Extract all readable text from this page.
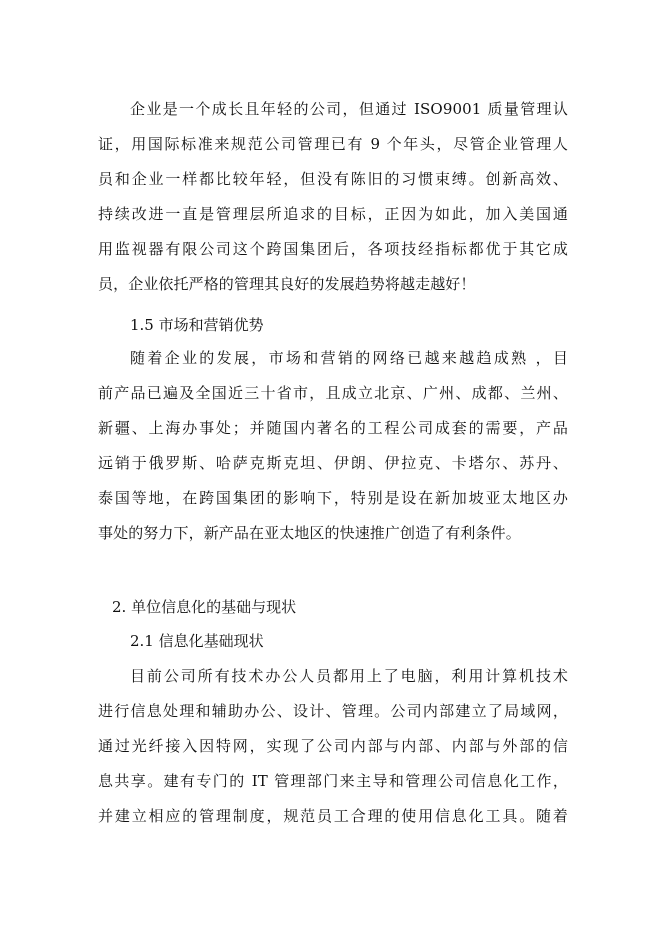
企业是一个成长且年轻的公司，但通过 ISO9001 质量管理认
证，用国际标准来规范公司管理已有 9 个年头，尽管企业管理人
员和企业一样都比较年轻，但没有陈旧的习惯束缚。创新高效、
持续改进一直是管理层所追求的目标，正因为如此，加入美国通
用监视器有限公司这个跨国集团后，各项技经指标都优于其它成
员，企业依托严格的管理其良好的发展趋势将越走越好！
1.5 市场和营销优势
随着企业的发展，市场和营销的网络已越来越趋成熟 ，目
前产品已遍及全国近三十省市，且成立北京、广州、成都、兰州、
新疆、上海办事处；并随国内著名的工程公司成套的需要，产品
远销于俄罗斯、哈萨克斯克坦、伊朗、伊拉克、卡塔尔、苏丹、
泰国等地，在跨国集团的影响下，特别是设在新加坡亚太地区办
事处的努力下，新产品在亚太地区的快速推广创造了有利条件。
2. 单位信息化的基础与现状
2.1 信息化基础现状
目前公司所有技术办公人员都用上了电脑，利用计算机技术
进行信息处理和辅助办公、设计、管理。公司内部建立了局域网，
通过光纤接入因特网，实现了公司内部与内部、内部与外部的信
息共享。建有专门的 IT 管理部门来主导和管理公司信息化工作，
并建立相应的管理制度，规范员工合理的使用信息化工具。随着
